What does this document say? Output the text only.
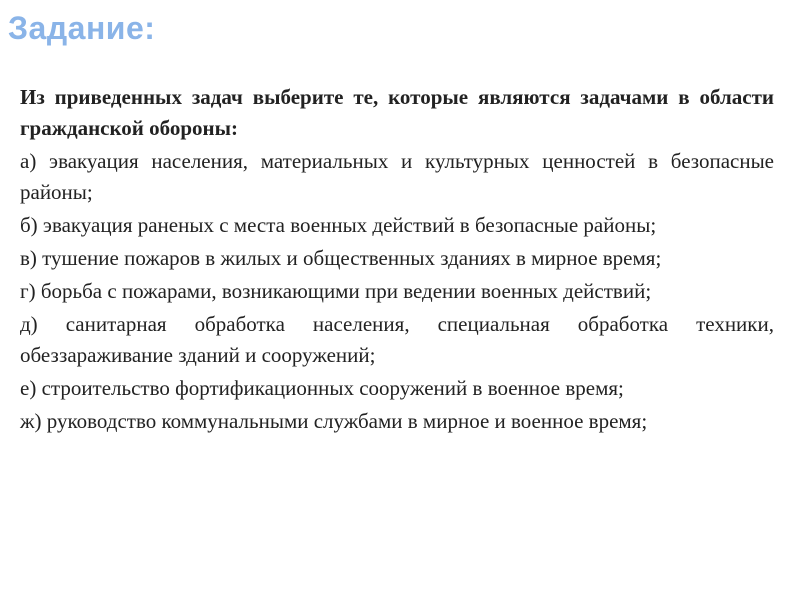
Задание:

Из приведенных задач выберите те, которые являются задачами в области гражданской обороны:

а) эвакуация населения, материальных и культурных ценностей в безопасные районы;
б) эвакуация раненых с места военных действий в безопасные районы;
в) тушение пожаров в жилых и общественных зданиях в мирное время;
г) борьба с пожарами, возникающими при ведении военных действий;
д) санитарная обработка населения, специальная обработка техники, обеззараживание зданий и сооружений;
е) строительство фортификационных сооружений в военное время;
ж) руководство коммунальными службами в мирное и военное время;
